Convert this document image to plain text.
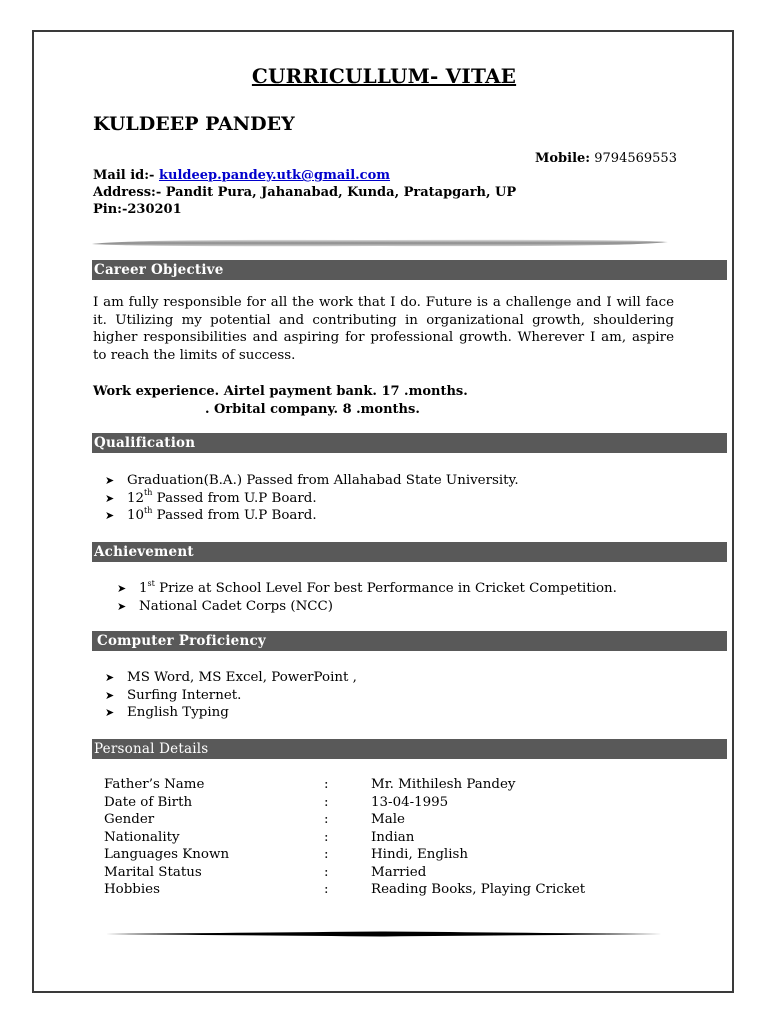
CURRICULLUM- VITAE
KULDEEP PANDEY
Mobile: 9794569553
Mail id:- kuldeep.pandey.utk@gmail.com
Address:- Pandit Pura, Jahanabad, Kunda, Pratapgarh, UP
Pin:-230201
Career Objective
I am fully responsible for all the work that I do. Future is a challenge and I will face it. Utilizing my potential and contributing in organizational growth, shouldering higher responsibilities and aspiring for professional growth. Wherever I am, aspire to reach the limits of success.
Work experience. Airtel payment bank. 17 .months.
. Orbital company. 8 .months.
Qualification
➤ Graduation(B.A.) Passed from Allahabad State University.
➤ 12th Passed from U.P Board.
➤ 10th Passed from U.P Board.
Achievement
➤ 1st Prize at School Level For best Performance in Cricket Competition.
➤ National Cadet Corps (NCC)
Computer Proficiency
➤ MS Word, MS Excel, PowerPoint ,
➤ Surfing Internet.
➤ English Typing
Personal Details
Father’s Name	:	Mr. Mithilesh Pandey
Date of Birth	:	13-04-1995
Gender	:	Male
Nationality	:	Indian
Languages Known	:	Hindi, English
Marital Status	:	Married
Hobbies	:	Reading Books, Playing Cricket
